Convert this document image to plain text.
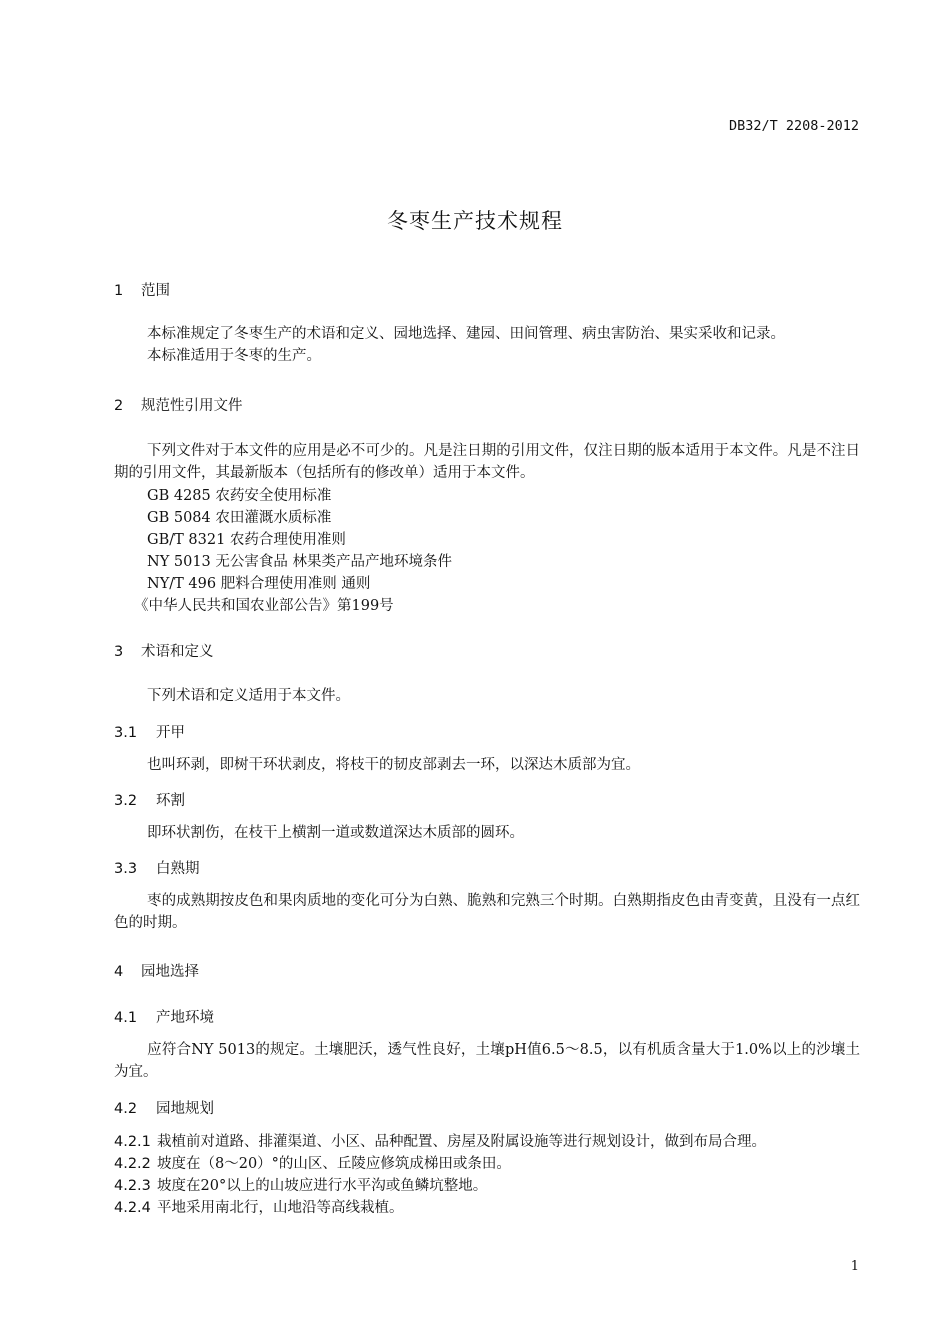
DB32/T 2208-2012
冬枣生产技术规程
1 范围
本标准规定了冬枣生产的术语和定义、园地选择、建园、田间管理、病虫害防治、果实采收和记录。
本标准适用于冬枣的生产。
2 规范性引用文件
下列文件对于本文件的应用是必不可少的。凡是注日期的引用文件，仅注日期的版本适用于本文件。凡是不注日期的引用文件，其最新版本（包括所有的修改单）适用于本文件。
GB 4285 农药安全使用标准
GB 5084 农田灌溉水质标准
GB/T 8321 农药合理使用准则
NY 5013 无公害食品 林果类产品产地环境条件
NY/T 496 肥料合理使用准则 通则
《中华人民共和国农业部公告》第199号
3 术语和定义
下列术语和定义适用于本文件。
3.1 开甲
也叫环剥，即树干环状剥皮，将枝干的韧皮部剥去一环，以深达木质部为宜。
3.2 环割
即环状割伤，在枝干上横割一道或数道深达木质部的圆环。
3.3 白熟期
枣的成熟期按皮色和果肉质地的变化可分为白熟、脆熟和完熟三个时期。白熟期指皮色由青变黄，且没有一点红色的时期。
4 园地选择
4.1 产地环境
应符合NY 5013的规定。土壤肥沃，透气性良好，土壤pH值6.5～8.5，以有机质含量大于1.0%以上的沙壤土为宜。
4.2 园地规划
4.2.1 栽植前对道路、排灌渠道、小区、品种配置、房屋及附属设施等进行规划设计，做到布局合理。
4.2.2 坡度在（8～20）°的山区、丘陵应修筑成梯田或条田。
4.2.3 坡度在20°以上的山坡应进行水平沟或鱼鳞坑整地。
4.2.4 平地采用南北行，山地沿等高线栽植。
1
